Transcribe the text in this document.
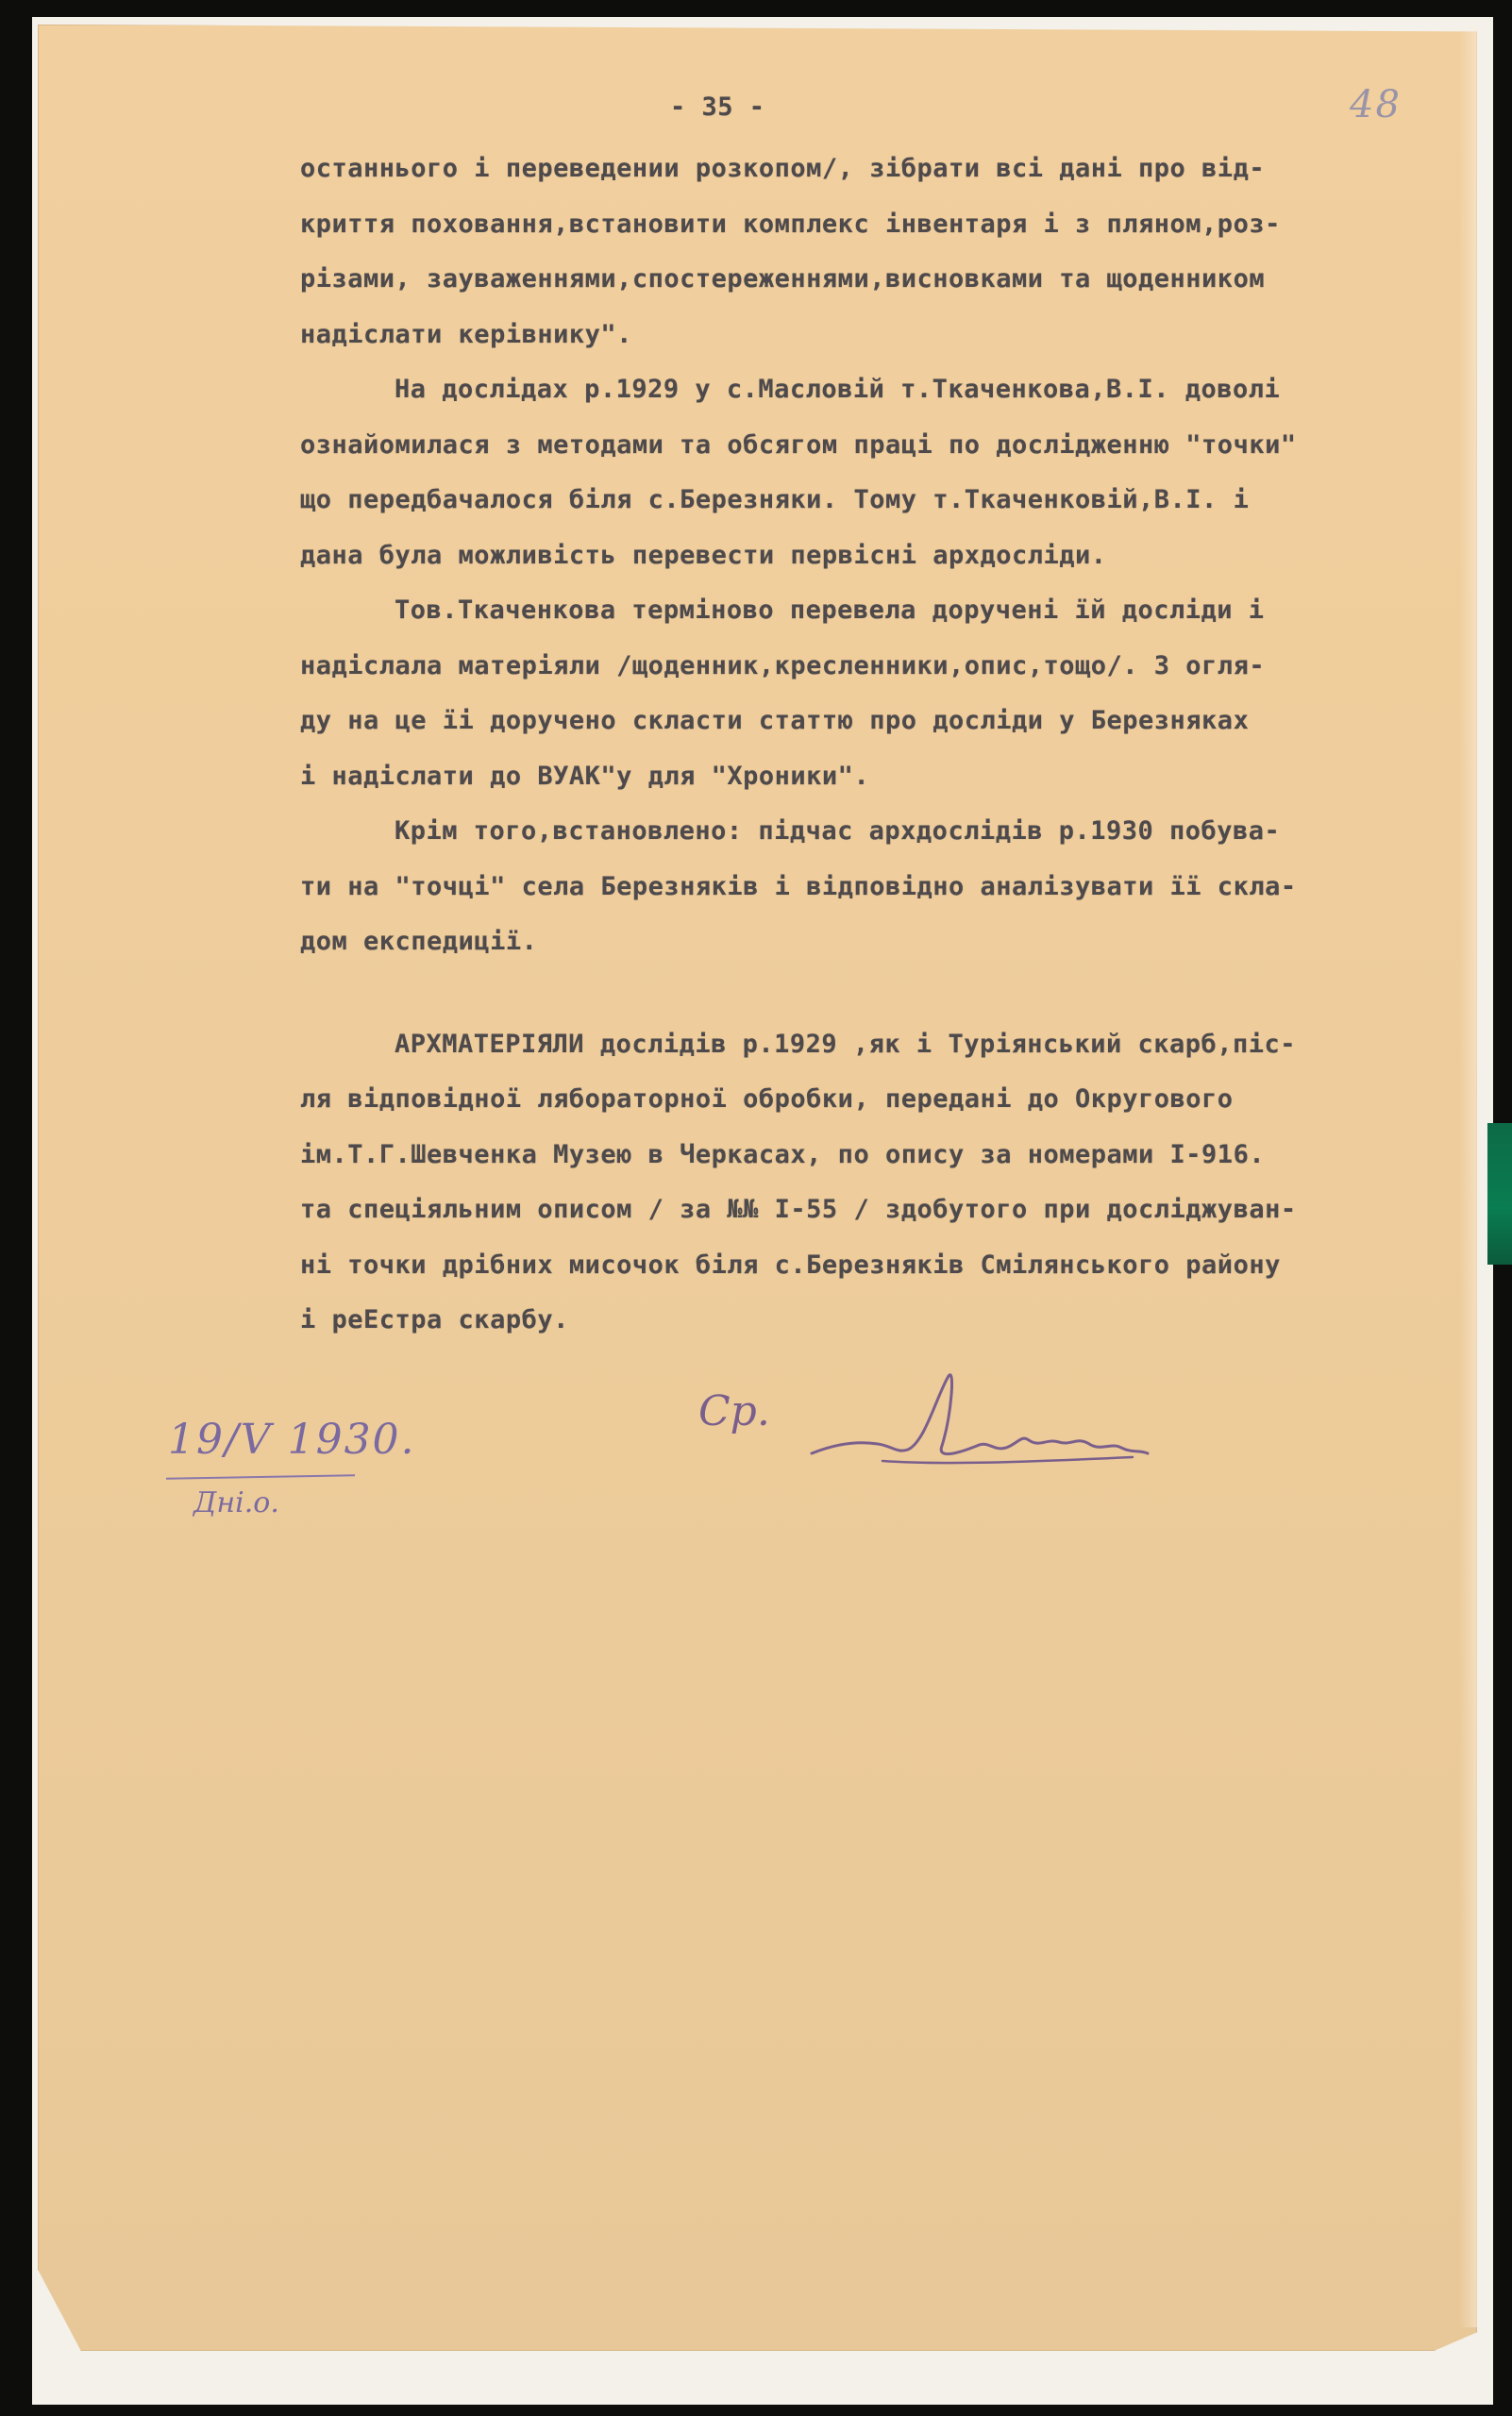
- 35 -	48
останнього і переведении розкопом/, зібрати всі дані про від-
криття поховання,встановити комплекс інвентаря і з пляном,роз-
різами, зауваженнями,спостереженнями,висновками та щоденником
надіслати керівнику".
На дослідах р.1929 у с.Масловій т.Ткаченкова,В.І. доволі
ознайомилася з методами та обсягом праці по дослідженню "точки"
що передбачалося біля с.Березняки. Тому т.Ткаченковій,В.І. і
дана була можливість перевести первісні архдосліди.
Тов.Ткаченкова терміново перевела доручені їй досліди і
надіслала матеріяли /щоденник,кресленники,опис,тощо/. З огля-
ду на це їі доручено скласти статтю про досліди у Березняках
і надіслати до ВУАК"у для "Хроники".
Крім того,встановлено: підчас архдослідів р.1930 побува-
ти на "точці" села Березняків і відповідно аналізувати її скла-
дом експедиції.
АРХМАТЕРІЯЛИ дослідів р.1929 ,як і Туріянський скарб,піс-
ля відповідної лябораторної обробки, передані до Округового
ім.Т.Г.Шевченка Музею в Черкасах, по опису за номерами І-916.
та спеціяльним описом / за №№ І-55 / здобутого при досліджуван-
ні точки дрібних мисочок біля с.Березняків Смілянського району
і реЕстра скарбу.
19/V 1930.
Дні.о.
Ср.
